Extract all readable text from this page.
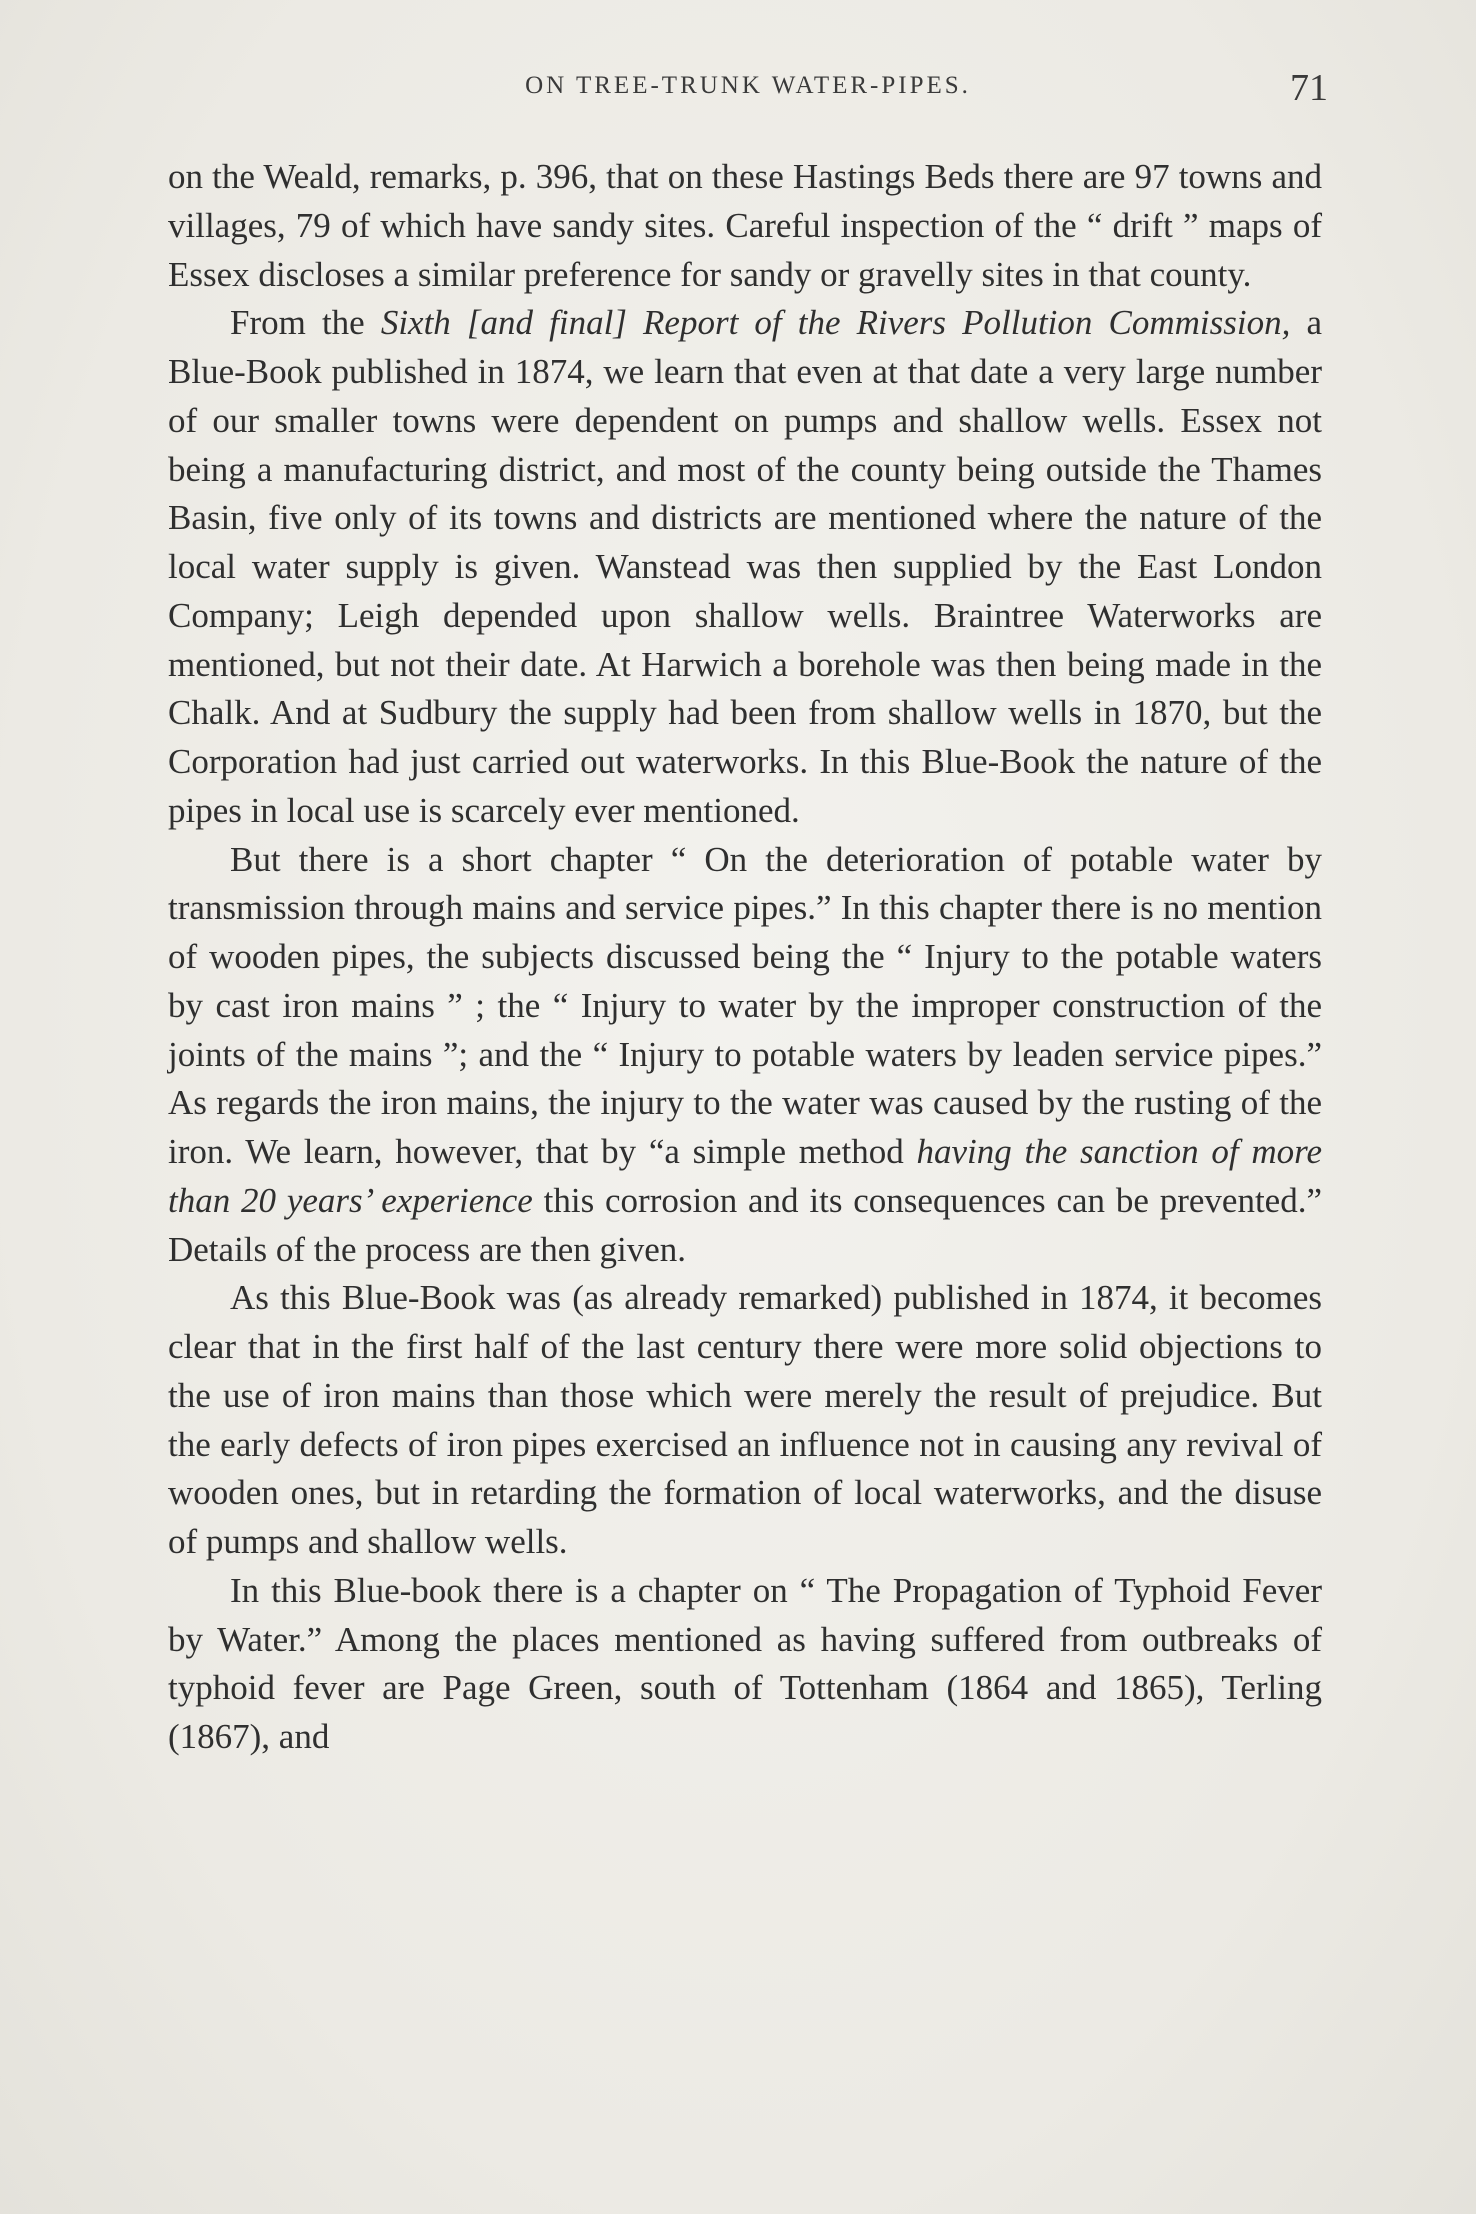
ON TREE-TRUNK WATER-PIPES.	71

on the Weald, remarks, p. 396, that on these Hastings Beds there are 97 towns and villages, 79 of which have sandy sites. Careful inspection of the “ drift ” maps of Essex discloses a similar preference for sandy or gravelly sites in that county.

From the Sixth [and final] Report of the Rivers Pollution Commission, a Blue-Book published in 1874, we learn that even at that date a very large number of our smaller towns were dependent on pumps and shallow wells. Essex not being a manufacturing district, and most of the county being outside the Thames Basin, five only of its towns and districts are mentioned where the nature of the local water supply is given. Wanstead was then supplied by the East London Company; Leigh depended upon shallow wells. Braintree Waterworks are mentioned, but not their date. At Harwich a borehole was then being made in the Chalk. And at Sudbury the supply had been from shallow wells in 1870, but the Corporation had just carried out waterworks. In this Blue-Book the nature of the pipes in local use is scarcely ever mentioned.

But there is a short chapter “ On the deterioration of potable water by transmission through mains and service pipes.” In this chapter there is no mention of wooden pipes, the subjects discussed being the “ Injury to the potable waters by cast iron mains ” ; the “ Injury to water by the improper construction of the joints of the mains ”; and the “ Injury to potable waters by leaden service pipes.” As regards the iron mains, the injury to the water was caused by the rusting of the iron. We learn, however, that by “a simple method having the sanction of more than 20 years’ experience this corrosion and its consequences can be prevented.” Details of the process are then given.

As this Blue-Book was (as already remarked) published in 1874, it becomes clear that in the first half of the last century there were more solid objections to the use of iron mains than those which were merely the result of prejudice. But the early defects of iron pipes exercised an influence not in causing any revival of wooden ones, but in retarding the formation of local waterworks, and the disuse of pumps and shallow wells.

In this Blue-book there is a chapter on “ The Propagation of Typhoid Fever by Water.” Among the places mentioned as having suffered from outbreaks of typhoid fever are Page Green, south of Tottenham (1864 and 1865), Terling (1867), and
